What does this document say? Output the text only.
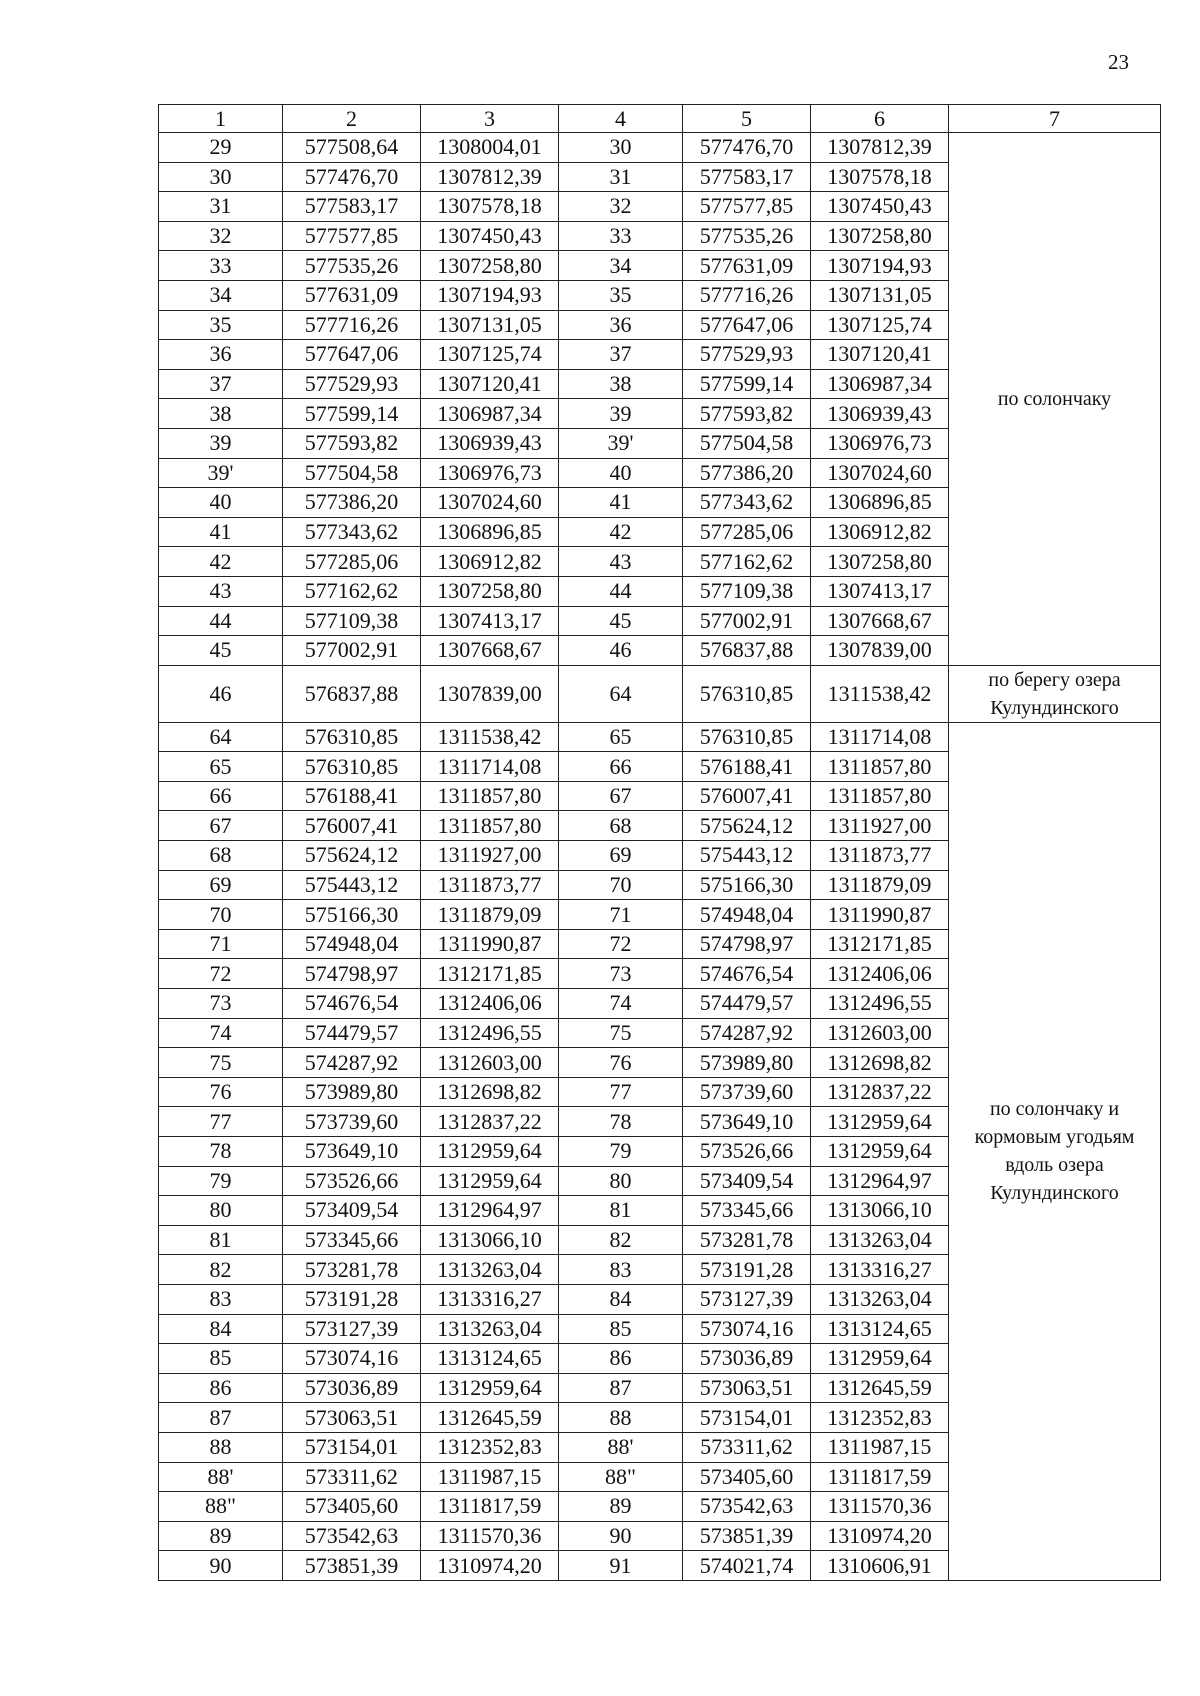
23
1	2	3	4	5	6	7
29	577508,64	1308004,01	30	577476,70	1307812,39	по солончаку
30	577476,70	1307812,39	31	577583,17	1307578,18	
31	577583,17	1307578,18	32	577577,85	1307450,43	
32	577577,85	1307450,43	33	577535,26	1307258,80	
33	577535,26	1307258,80	34	577631,09	1307194,93	
34	577631,09	1307194,93	35	577716,26	1307131,05	
35	577716,26	1307131,05	36	577647,06	1307125,74	
36	577647,06	1307125,74	37	577529,93	1307120,41	
37	577529,93	1307120,41	38	577599,14	1306987,34	
38	577599,14	1306987,34	39	577593,82	1306939,43	
39	577593,82	1306939,43	39'	577504,58	1306976,73	
39'	577504,58	1306976,73	40	577386,20	1307024,60	
40	577386,20	1307024,60	41	577343,62	1306896,85	
41	577343,62	1306896,85	42	577285,06	1306912,82	
42	577285,06	1306912,82	43	577162,62	1307258,80	
43	577162,62	1307258,80	44	577109,38	1307413,17	
44	577109,38	1307413,17	45	577002,91	1307668,67	
45	577002,91	1307668,67	46	576837,88	1307839,00	
46	576837,88	1307839,00	64	576310,85	1311538,42	по берегу озера Кулундинского
64	576310,85	1311538,42	65	576310,85	1311714,08	по солончаку и кормовым угодьям вдоль озера Кулундинского
65	576310,85	1311714,08	66	576188,41	1311857,80	
66	576188,41	1311857,80	67	576007,41	1311857,80	
67	576007,41	1311857,80	68	575624,12	1311927,00	
68	575624,12	1311927,00	69	575443,12	1311873,77	
69	575443,12	1311873,77	70	575166,30	1311879,09	
70	575166,30	1311879,09	71	574948,04	1311990,87	
71	574948,04	1311990,87	72	574798,97	1312171,85	
72	574798,97	1312171,85	73	574676,54	1312406,06	
73	574676,54	1312406,06	74	574479,57	1312496,55	
74	574479,57	1312496,55	75	574287,92	1312603,00	
75	574287,92	1312603,00	76	573989,80	1312698,82	
76	573989,80	1312698,82	77	573739,60	1312837,22	
77	573739,60	1312837,22	78	573649,10	1312959,64	
78	573649,10	1312959,64	79	573526,66	1312959,64	
79	573526,66	1312959,64	80	573409,54	1312964,97	
80	573409,54	1312964,97	81	573345,66	1313066,10	
81	573345,66	1313066,10	82	573281,78	1313263,04	
82	573281,78	1313263,04	83	573191,28	1313316,27	
83	573191,28	1313316,27	84	573127,39	1313263,04	
84	573127,39	1313263,04	85	573074,16	1313124,65	
85	573074,16	1313124,65	86	573036,89	1312959,64	
86	573036,89	1312959,64	87	573063,51	1312645,59	
87	573063,51	1312645,59	88	573154,01	1312352,83	
88	573154,01	1312352,83	88'	573311,62	1311987,15	
88'	573311,62	1311987,15	88"	573405,60	1311817,59	
88"	573405,60	1311817,59	89	573542,63	1311570,36	
89	573542,63	1311570,36	90	573851,39	1310974,20	
90	573851,39	1310974,20	91	574021,74	1310606,91	
